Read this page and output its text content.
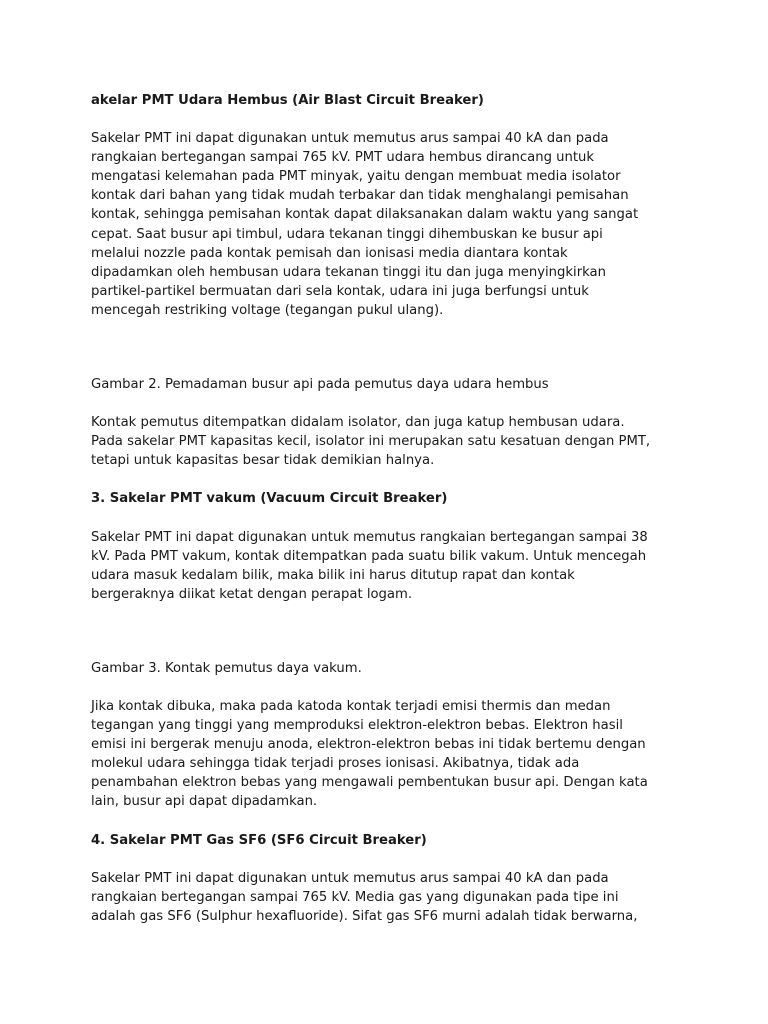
akelar PMT Udara Hembus (Air Blast Circuit Breaker)

Sakelar PMT ini dapat digunakan untuk memutus arus sampai 40 kA dan pada

rangkaian bertegangan sampai 765 kV. PMT udara hembus dirancang untuk

mengatasi kelemahan pada PMT minyak, yaitu dengan membuat media isolator

kontak dari bahan yang tidak mudah terbakar dan tidak menghalangi pemisahan

kontak, sehingga pemisahan kontak dapat dilaksanakan dalam waktu yang sangat

cepat. Saat busur api timbul, udara tekanan tinggi dihembuskan ke busur api

melalui nozzle pada kontak pemisah dan ionisasi media diantara kontak

dipadamkan oleh hembusan udara tekanan tinggi itu dan juga menyingkirkan

partikel-partikel bermuatan dari sela kontak, udara ini juga berfungsi untuk

mencegah restriking voltage (tegangan pukul ulang).

Gambar 2. Pemadaman busur api pada pemutus daya udara hembus

Kontak pemutus ditempatkan didalam isolator, dan juga katup hembusan udara.

Pada sakelar PMT kapasitas kecil, isolator ini merupakan satu kesatuan dengan PMT,

tetapi untuk kapasitas besar tidak demikian halnya.

3. Sakelar PMT vakum (Vacuum Circuit Breaker)

Sakelar PMT ini dapat digunakan untuk memutus rangkaian bertegangan sampai 38

kV. Pada PMT vakum, kontak ditempatkan pada suatu bilik vakum. Untuk mencegah

udara masuk kedalam bilik, maka bilik ini harus ditutup rapat dan kontak

bergeraknya diikat ketat dengan perapat logam.

Gambar 3. Kontak pemutus daya vakum.

Jika kontak dibuka, maka pada katoda kontak terjadi emisi thermis dan medan

tegangan yang tinggi yang memproduksi elektron-elektron bebas. Elektron hasil

emisi ini bergerak menuju anoda, elektron-elektron bebas ini tidak bertemu dengan

molekul udara sehingga tidak terjadi proses ionisasi. Akibatnya, tidak ada

penambahan elektron bebas yang mengawali pembentukan busur api. Dengan kata

lain, busur api dapat dipadamkan.

4. Sakelar PMT Gas SF6 (SF6 Circuit Breaker)

Sakelar PMT ini dapat digunakan untuk memutus arus sampai 40 kA dan pada

rangkaian bertegangan sampai 765 kV. Media gas yang digunakan pada tipe ini

adalah gas SF6 (Sulphur hexafluoride). Sifat gas SF6 murni adalah tidak berwarna,
